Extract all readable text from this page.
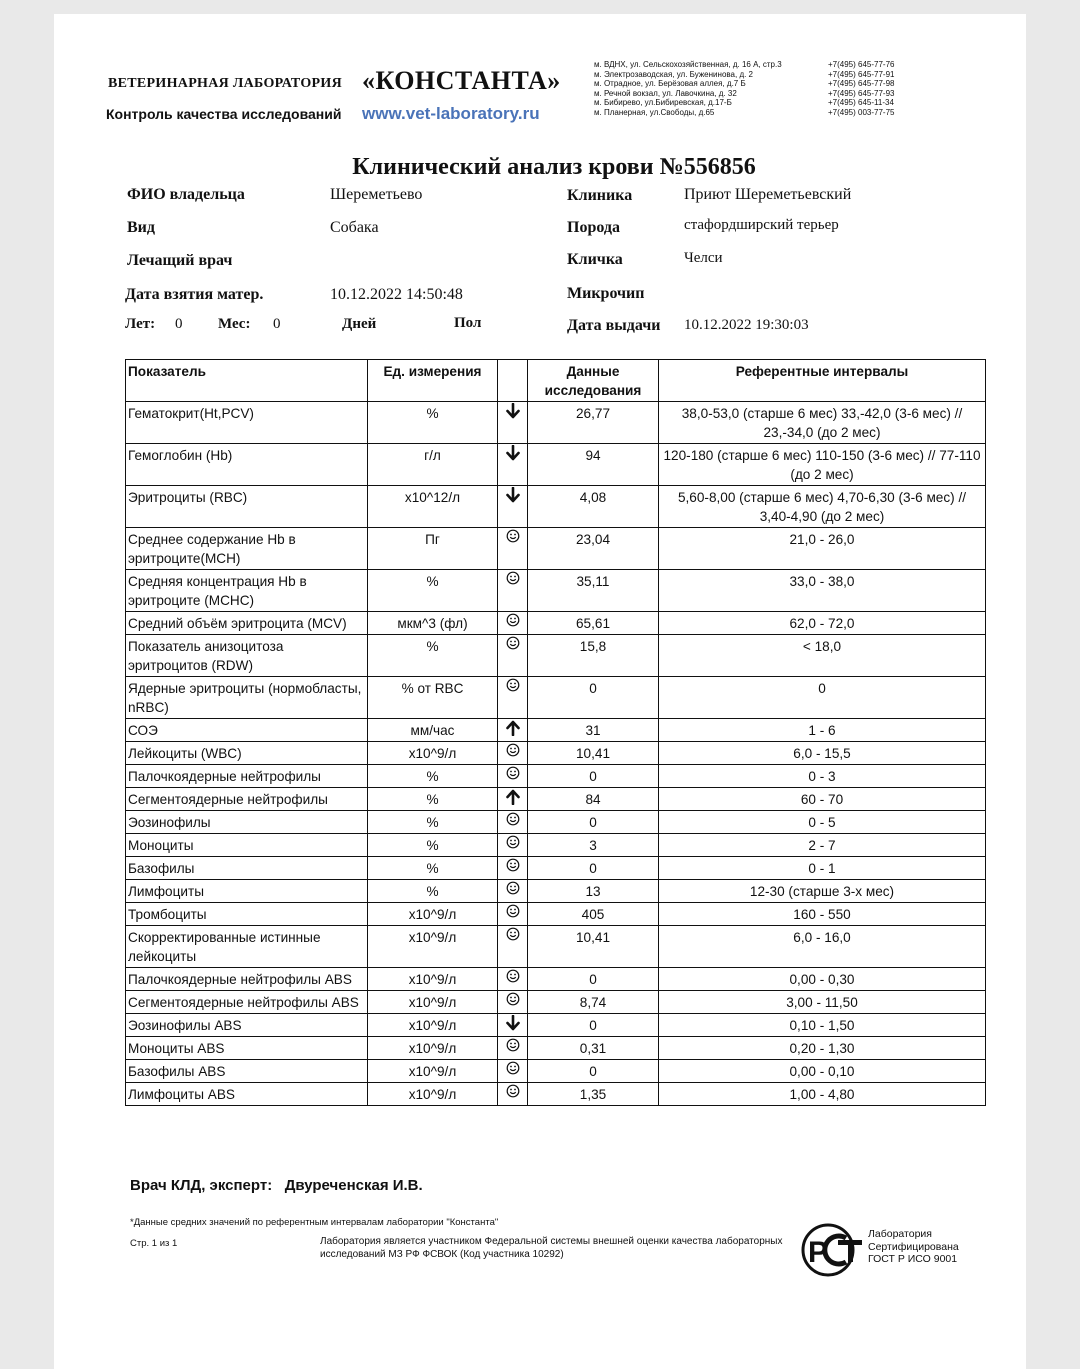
ВЕТЕРИНАРНАЯ ЛАБОРАТОРИЯ «КОНСТАНТА»
Контроль качества исследований www.vet-laboratory.ru
м. ВДНХ, ул. Сельскохозяйственная, д. 16 А, стр.3	+7(495) 645-77-76
м. Электрозаводская, ул. Буженинова, д. 2	+7(495) 645-77-91
м. Отрадное, ул. Берёзовая аллея, д.7 Б	+7(495) 645-77-98
м. Речной вокзал, ул. Лавочкина, д. 32	+7(495) 645-77-93
м. Бибирево, ул.Бибиревская, д.17-Б	+7(495) 645-11-34
м. Планерная, ул.Свободы, д.65	+7(495) 003-77-75
Клинический анализ крови №556856
ФИО владельца	Шереметьево	Клиника	Приют Шереметьевский
Вид	Собака	Порода	стафордширский терьер
Лечащий врач	Кличка	Челси
Дата взятия матер.	10.12.2022 14:50:48	Микрочип
Лет: 0 Мес: 0	Дней	Пол	Дата выдачи 10.12.2022 19:30:03
Показатель	Ед. измерения		Данные исследования	Референтные интервалы
Гематокрит(Ht,PCV)	%		26,77	38,0-53,0 (старше 6 мес) 33,-42,0 (3-6 мес) // 23,-34,0 (до 2 мес)
Гемоглобин (Hb)	г/л		94	120-180 (старше 6 мес) 110-150 (3-6 мес) // 77-110 (до 2 мес)
Эритроциты (RBC)	х10^12/л		4,08	5,60-8,00 (старше 6 мес) 4,70-6,30 (3-6 мес) // 3,40-4,90 (до 2 мес)
Среднее содержание Hb в эритроците(MCH)	Пг		23,04	21,0 - 26,0
Средняя концентрация Hb в эритроците (MCHC)	%		35,11	33,0 - 38,0
Средний объём эритроцита (MCV)	мкм^3 (фл)		65,61	62,0 - 72,0
Показатель анизоцитоза эритроцитов (RDW)	%		15,8	< 18,0
Ядерные эритроциты (нормобласты, nRBC)	% от RBC		0	0
СОЭ	мм/час		31	1 - 6
Лейкоциты (WBC)	х10^9/л		10,41	6,0 - 15,5
Палочкоядерные нейтрофилы	%		0	0 - 3
Сегментоядерные нейтрофилы	%		84	60 - 70
Эозинофилы	%		0	0 - 5
Моноциты	%		3	2 - 7
Базофилы	%		0	0 - 1
Лимфоциты	%		13	12-30 (старше 3-х мес)
Тромбоциты	х10^9/л		405	160 - 550
Скорректированные истинные лейкоциты	х10^9/л		10,41	6,0 - 16,0
Палочкоядерные нейтрофилы ABS	х10^9/л		0	0,00 - 0,30
Сегментоядерные нейтрофилы ABS	х10^9/л		8,74	3,00 - 11,50
Эозинофилы ABS	х10^9/л		0	0,10 - 1,50
Моноциты ABS	х10^9/л		0,31	0,20 - 1,30
Базофилы ABS	х10^9/л		0	0,00 - 0,10
Лимфоциты ABS	х10^9/л		1,35	1,00 - 4,80
Врач КЛД, эксперт: Двуреченская И.В.
*Данные средних значений по референтным интервалам лаборатории "Константа"
Стр. 1 из 1	Лаборатория является участником Федеральной системы внешней оценки качества лабораторных исследований МЗ РФ ФСВОК (Код участника 10292)	Р
Лаборатория
Сертифицирована
ГОСТ Р ИСО 9001
